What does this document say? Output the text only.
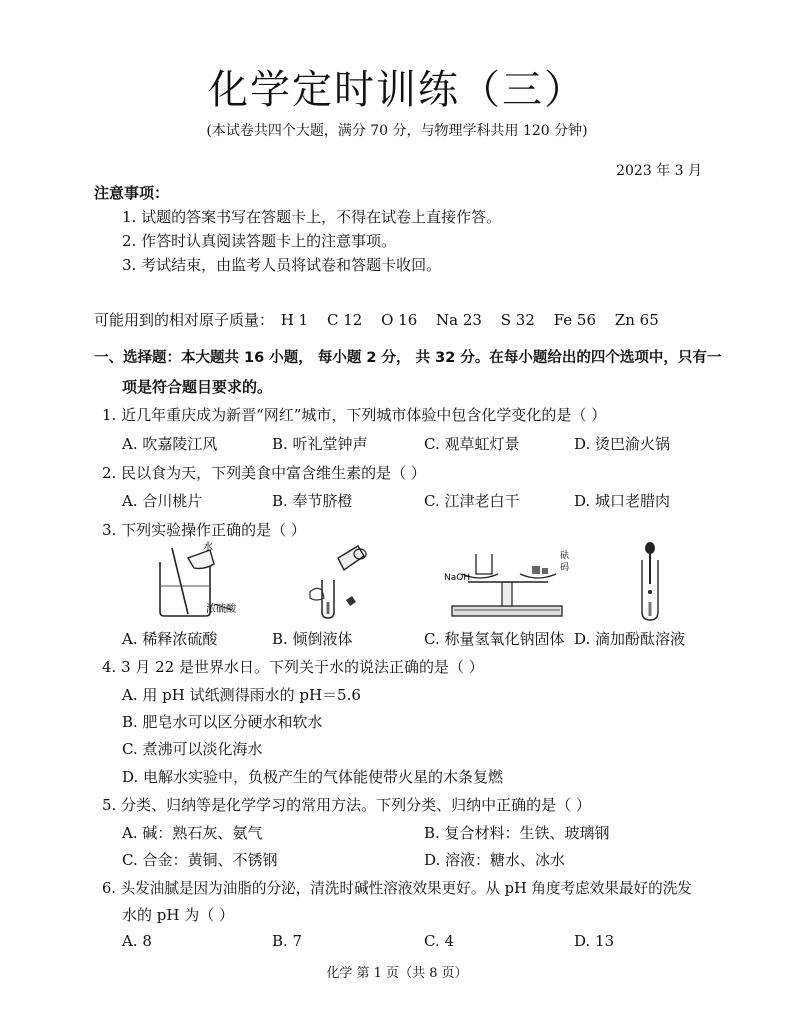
化学定时训练（三）
(本试卷共四个大题，满分 70 分，与物理学科共用 120 分钟)
2023 年 3 月
注意事项：
1. 试题的答案书写在答题卡上，不得在试卷上直接作答。
2. 作答时认真阅读答题卡上的注意事项。
3. 考试结束，由监考人员将试卷和答题卡收回。
可能用到的相对原子质量： H 1 C 12 O 16 Na 23 S 32 Fe 56 Zn 65
一、选择题：本大题共 16 小题， 每小题 2 分， 共 32 分。在每小题给出的四个选项中，只有一
项是符合题目要求的。
1. 近几年重庆成为新晋“网红”城市，下列城市体验中包含化学变化的是（ ）
A. 吹嘉陵江风	B. 听礼堂钟声	C. 观草虹灯景	D. 烫巴渝火锅
2. 民以食为天，下列美食中富含维生素的是（ ）
A. 合川桃片	B. 奉节脐橙	C. 江津老白干	D. 城口老腊肉
3. 下列实验操作正确的是（ ）
水
浓硫酸
NaOH
砝
码
A. 稀释浓硫酸	B. 倾倒液体	C. 称量氢氧化钠固体 D. 滴加酚酞溶液
4. 3 月 22 是世界水日。下列关于水的说法正确的是（ ）
A. 用 pH 试纸测得雨水的 pH＝5.6
B. 肥皂水可以区分硬水和软水
C. 煮沸可以淡化海水
D. 电解水实验中，负极产生的气体能使带火星的木条复燃
5. 分类、归纳等是化学学习的常用方法。下列分类、归纳中正确的是（ ）
A. 碱：熟石灰、氨气	B. 复合材料：生铁、玻璃钢
C. 合金：黄铜、不锈钢	D. 溶液：糖水、冰水
6. 头发油腻是因为油脂的分泌，清洗时碱性溶液效果更好。从 pH 角度考虑效果最好的洗发
水的 pH 为（ ）
A. 8	B. 7	C. 4	D. 13
化学 第 1 页（共 8 页）
